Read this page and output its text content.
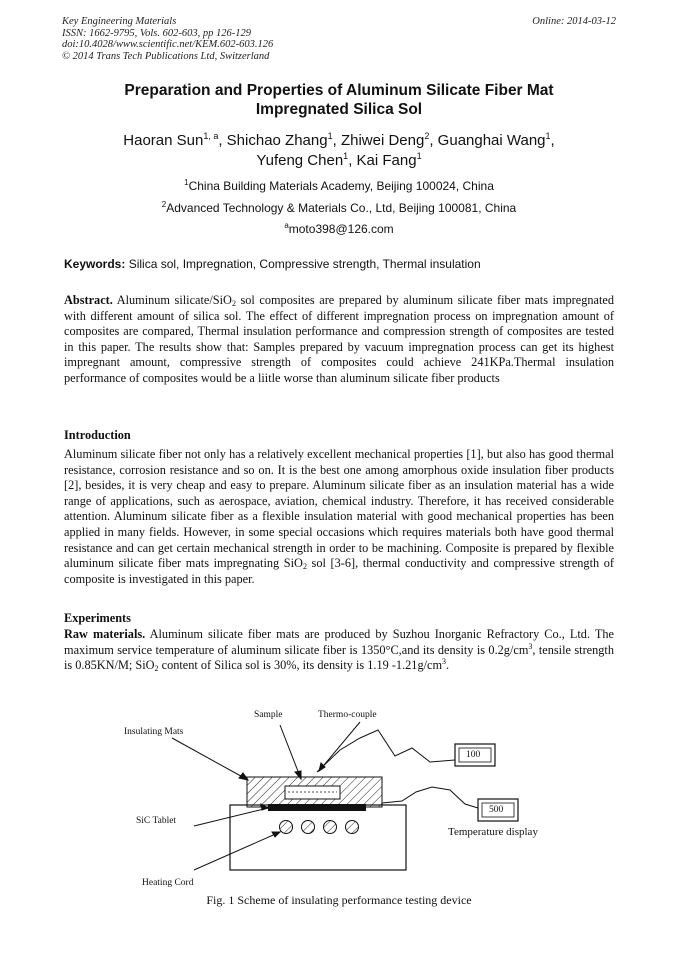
Key Engineering Materials
ISSN: 1662-9795, Vols. 602-603, pp 126-129
doi:10.4028/www.scientific.net/KEM.602-603.126
© 2014 Trans Tech Publications Ltd, Switzerland
Online: 2014-03-12
Preparation and Properties of Aluminum Silicate Fiber Mat
Impregnated Silica Sol
Haoran Sun$^{1, a}$, Shichao Zhang$^1$, Zhiwei Deng$^2$, Guanghai Wang$^1$,
Yufeng Chen$^1$, Kai Fang$^1$
$^1$China Building Materials Academy, Beijing 100024, China
$^2$Advanced Technology & Materials Co., Ltd, Beijing 100081, China
$^a$moto398@126.com
Keywords: Silica sol, Impregnation, Compressive strength, Thermal insulation
Abstract. Aluminum silicate/SiO$_2$ sol composites are prepared by aluminum silicate fiber mats impregnated with different amount of silica sol. The effect of different impregnation process on impregnation amount of composites are compared, Thermal insulation performance and compression strength of composites are tested in this paper. The results show that: Samples prepared by vacuum impregnation process can get its highest impregnant amount, compressive strength of composites could achieve 241KPa.Thermal insulation performance of composites would be a liitle worse than aluminum silicate fiber products
Introduction
Aluminum silicate fiber not only has a relatively excellent mechanical properties [1], but also has good thermal resistance, corrosion resistance and so on. It is the best one among amorphous oxide insulation fiber products [2], besides, it is very cheap and easy to prepare. Aluminum silicate fiber as an insulation material has a wide range of applications, such as aerospace, aviation, chemical industry. Therefore, it has received considerable attention. Aluminum silicate fiber as a flexible insulation material with good mechanical properties has been applied in many fields. However, in some special occasions which requires materials both have good thermal resistance and can get certain mechanical strength in order to be machining. Composite is prepared by flexible aluminum silicate fiber mats impregnating SiO$_2$ sol [3-6], thermal conductivity and compressive strength of composite is investigated in this paper.
Experiments
Raw materials. Aluminum silicate fiber mats are produced by Suzhou Inorganic Refractory Co., Ltd. The maximum service temperature of aluminum silicate fiber is 1350°C,and its density is $0.2g/cm^3$, tensile strength is 0.85KN/M; SiO$_2$ content of Silica sol is 30%, its density is 1.19 $-1.21g/cm^3$.
Insulating Mats
Sample	Thermo-couple
SiC Tablet
Heating Cord
Temperature display
100
500
Fig. 1 Scheme of insulating performance testing device
